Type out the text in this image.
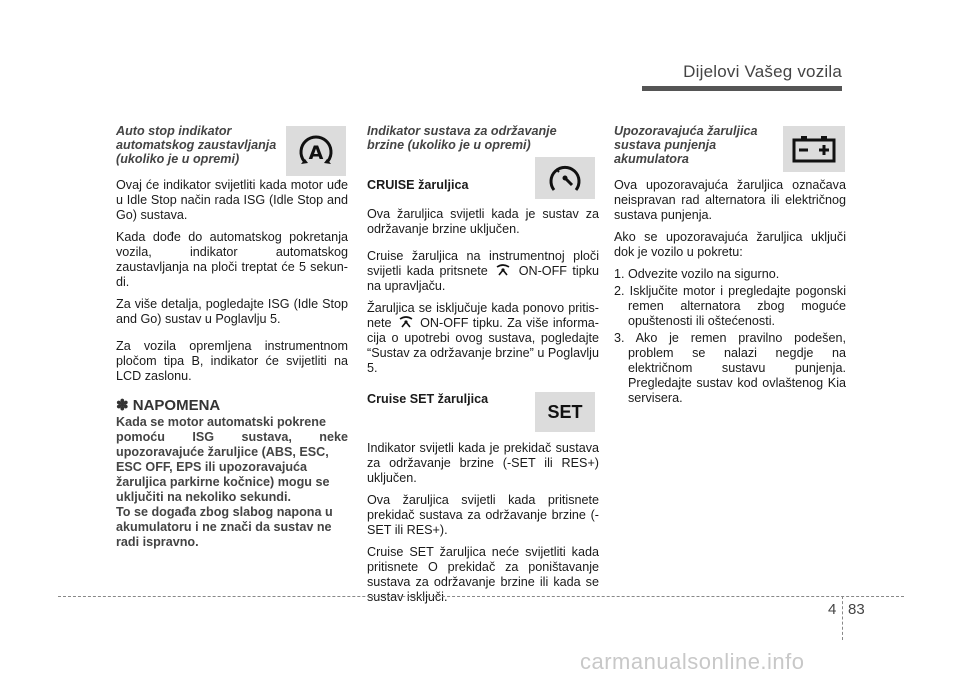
Dijelovi Vašeg vozila
Auto stop indikator
automatskog zaustavljanja
(ukoliko je u opremi)

Ovaj će indikator svijetliti kada motor uđe u Idle Stop način rada ISG (Idle Stop and Go) sustava.

Kada dođe do automatskog pokretanja vozila, indikator automatskog zaustavljanja na ploči treptat će 5 sekun-di.

Za više detalja, pogledajte ISG (Idle Stop and Go) sustav u Poglavlju 5.

Za vozila opremljena instrumentnom pločom tipa B, indikator će svijetliti na LCD zaslonu.

✽ NAPOMENA
Kada se motor automatski pokrene
pomoću ISG sustava, neke
upozoravajuće žaruljice (ABS, ESC,
ESC OFF, EPS ili upozoravajuća
žaruljica parkirne kočnice) mogu se
uključiti na nekoliko sekundi.
To se događa zbog slabog napona u
akumulatoru i ne znači da sustav ne
radi ispravno.
A
Indikator sustava za održavanje
brzine (ukoliko je u opremi)
CRUISE žaruljica

Ova žaruljica svijetli kada je sustav za održavanje brzine uključen.

Cruise žaruljica na instrumentnoj ploči svijetli kada pritsnete ON-OFF tipku na upravljaču.

Žaruljica se isključuje kada ponovo pritis-nete ON-OFF tipku. Za više informa-cija o upotrebi ovog sustava, pogledajte “Sustav za održavanje brzine” u Poglavlju 5.

Cruise SET žaruljica

Indikator svijetli kada je prekidač sustava za održavanje brzine (-SET ili RES+) uključen.

Ova žaruljica svijetli kada pritisnete prekidač sustava za održavanje brzine (-SET ili RES+).

Cruise SET žaruljica neće svijetliti kada pritisnete O prekidač za poništavanje sustava za održavanje brzine ili kada se sustav isključi.

SET
Upozoravajuća žaruljica
sustava punjenja
akumulatora

Ova upozoravajuća žaruljica označava neispravan rad alternatora ili električnog sustava punjenja.

Ako se upozoravajuća žaruljica uključi dok je vozilo u pokretu:

1. Odvezite vozilo na sigurno.
2. Isključite motor i pregledajte pogonski remen alternatora zbog moguće opuštenosti ili oštećenosti.
3. Ako je remen pravilno podešen, problem se nalazi negdje na električnom sustavu punjenja. Pregledajte sustav kod ovlaštenog Kia servisera.
4 83
carmanualsonline.info
